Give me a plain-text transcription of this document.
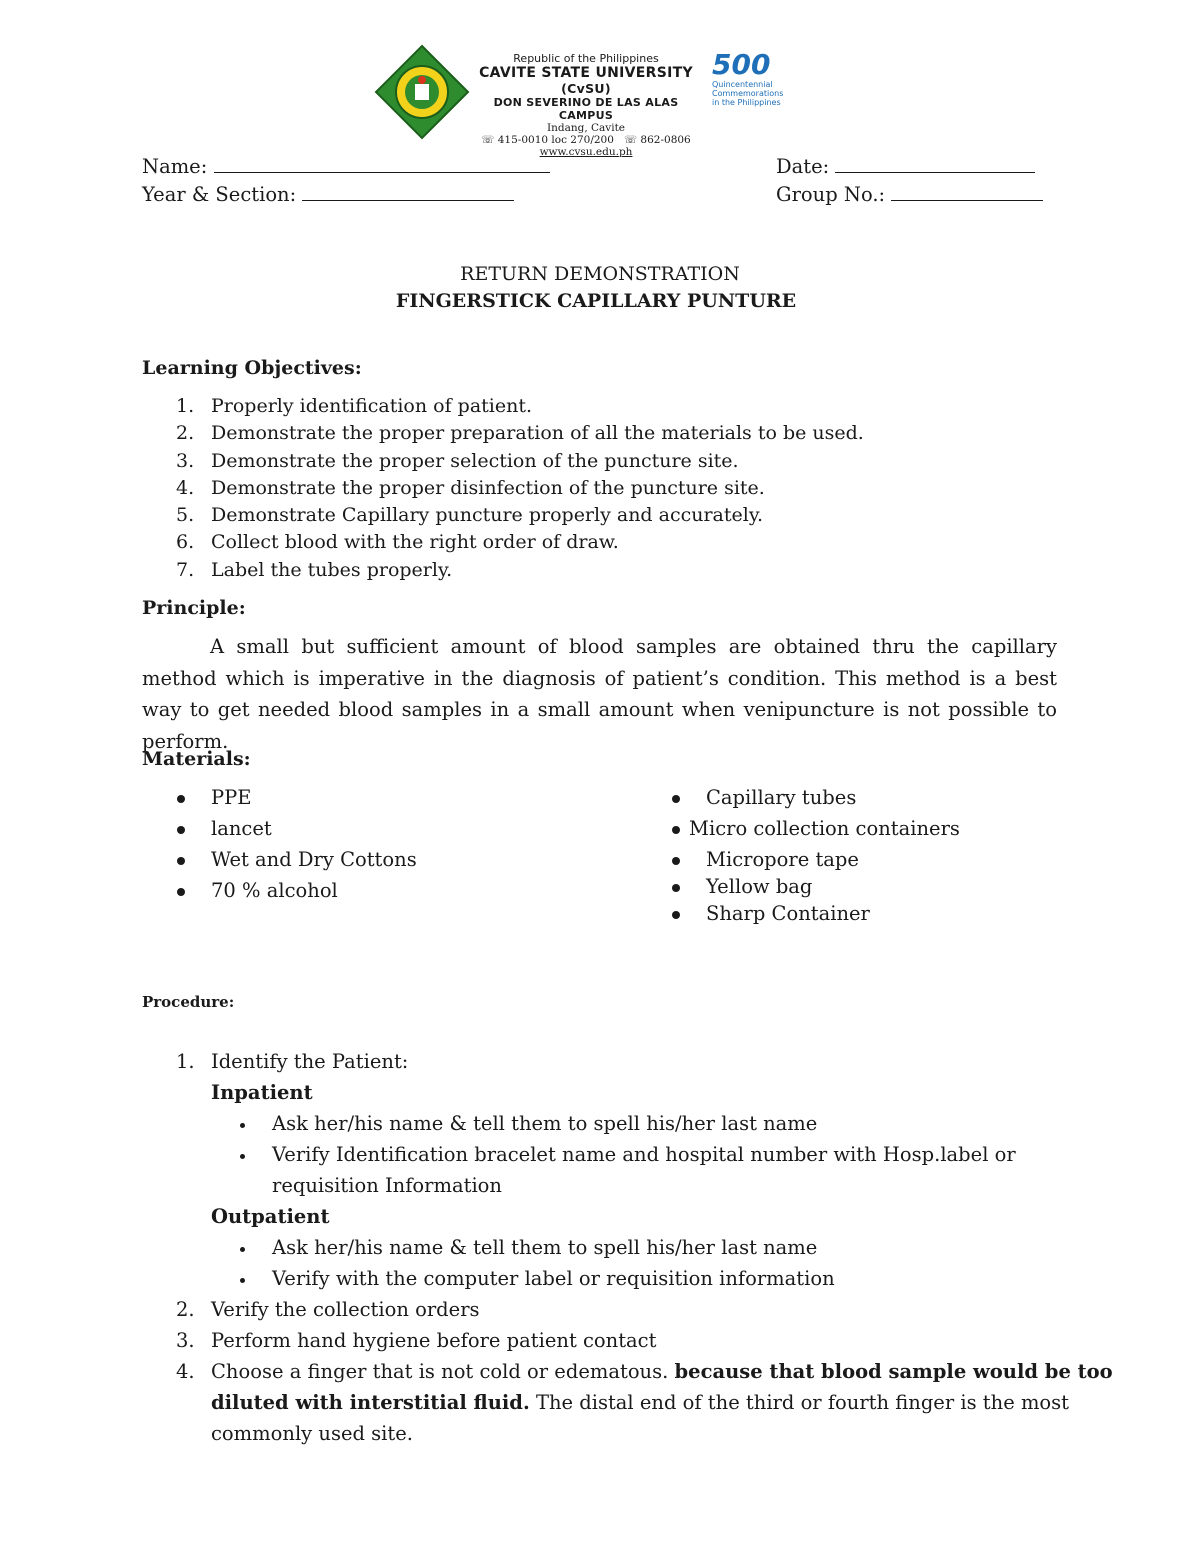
Republic of the Philippines
CAVITE STATE UNIVERSITY
(CvSU)
DON SEVERINO DE LAS ALAS CAMPUS
Indang, Cavite
☏ 415-0010 loc 270/200 ☏ 862-0806
www.cvsu.edu.ph
500
Quincentennial
Commemorations
in the Philippines
Name:	Date:
Year & Section:	Group No.:
RETURN DEMONSTRATION
FINGERSTICK CAPILLARY PUNTURE
Learning Objectives:
1. Properly identification of patient.
2. Demonstrate the proper preparation of all the materials to be used.
3. Demonstrate the proper selection of the puncture site.
4. Demonstrate the proper disinfection of the puncture site.
5. Demonstrate Capillary puncture properly and accurately.
6. Collect blood with the right order of draw.
7. Label the tubes properly.
Principle:
A small but sufficient amount of blood samples are obtained thru the capillary method which is imperative in the diagnosis of patient’s condition. This method is a best way to get needed blood samples in a small amount when venipuncture is not possible to perform.
Materials:
PPE
lancet
Wet and Dry Cottons
70 % alcohol
Capillary tubes
Micro collection containers
Micropore tape
Yellow bag
Sharp Container
Procedure:
1. Identify the Patient:
Inpatient
Ask her/his name & tell them to spell his/her last name
Verify Identification bracelet name and hospital number with Hosp.label or
requisition Information
Outpatient
Ask her/his name & tell them to spell his/her last name
Verify with the computer label or requisition information
2. Verify the collection orders
3. Perform hand hygiene before patient contact
4. Choose a finger that is not cold or edematous. because that blood sample would be too
diluted with interstitial fluid. The distal end of the third or fourth finger is the most
commonly used site.
